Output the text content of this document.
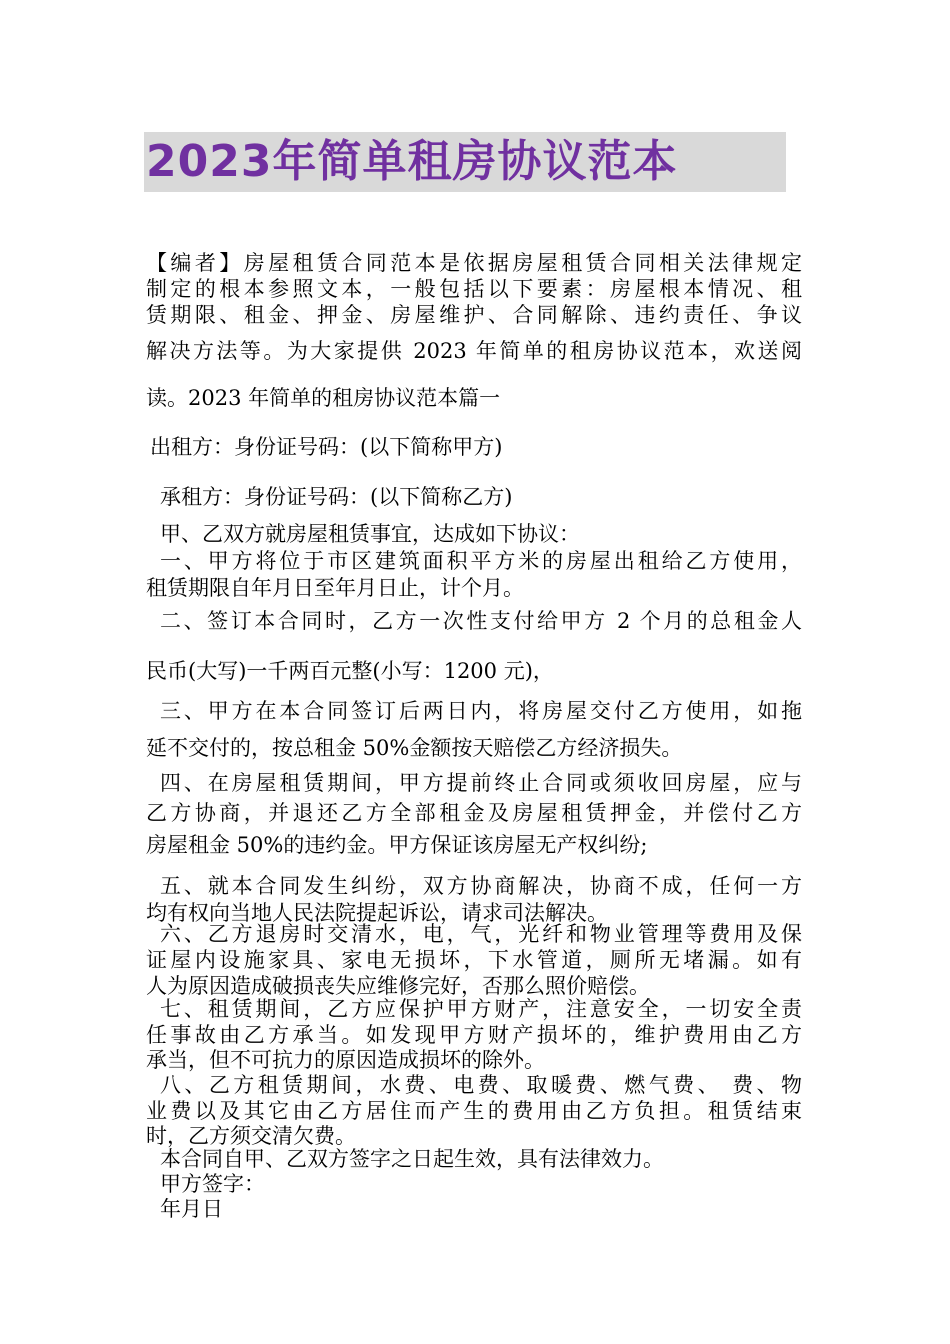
2023年简单租房协议范本
【编者】房屋租赁合同范本是依据房屋租赁合同相关法律规定
制定的根本参照文本，一般包括以下要素：房屋根本情况、租
赁期限、租金、押金、房屋维护、合同解除、违约责任、争议
解决方法等。为大家提供 2023 年简单的租房协议范本，欢送阅
读。2023 年简单的租房协议范本篇一
出租方：身份证号码：(以下简称甲方)
承租方：身份证号码：(以下简称乙方)
甲、乙双方就房屋租赁事宜，达成如下协议：
一、甲方将位于市区建筑面积平方米的房屋出租给乙方使用，
租赁期限自年月日至年月日止，计个月。
二、签订本合同时，乙方一次性支付给甲方 2 个月的总租金人
民币(大写)一千两百元整(小写：1200 元)，
三、甲方在本合同签订后两日内，将房屋交付乙方使用，如拖
延不交付的，按总租金 50%金额按天赔偿乙方经济损失。
四、在房屋租赁期间，甲方提前终止合同或须收回房屋，应与
乙方协商，并退还乙方全部租金及房屋租赁押金，并偿付乙方
房屋租金 50%的违约金。甲方保证该房屋无产权纠纷;
五、就本合同发生纠纷，双方协商解决，协商不成，任何一方
均有权向当地人民法院提起诉讼，请求司法解决。
六、乙方退房时交清水，电，气，光纤和物业管理等费用及保
证屋内设施家具、家电无损坏，下水管道，厕所无堵漏。如有
人为原因造成破损丧失应维修完好，否那么照价赔偿。
七、租赁期间，乙方应保护甲方财产，注意安全，一切安全责
任事故由乙方承当。如发现甲方财产损坏的，维护费用由乙方
承当，但不可抗力的原因造成损坏的除外。
八、乙方租赁期间，水费、电费、取暖费、燃气费、 费、物
业费以及其它由乙方居住而产生的费用由乙方负担。租赁结束
时，乙方须交清欠费。
本合同自甲、乙双方签字之日起生效，具有法律效力。
甲方签字：
年月日
